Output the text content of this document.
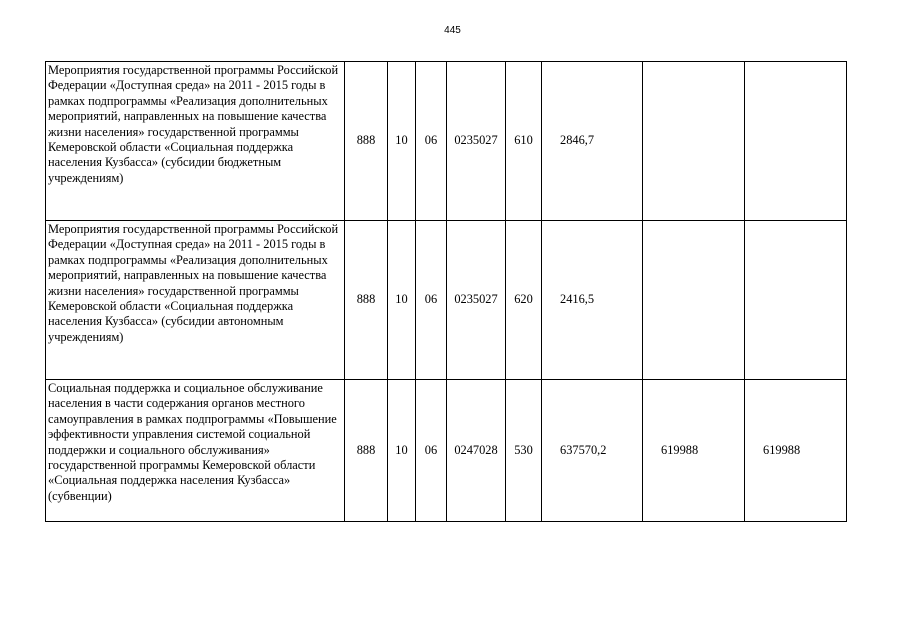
445
Мероприятия государственной программы Российской Федерации «Доступная среда» на 2011 - 2015 годы в рамках подпрограммы «Реализация дополнительных мероприятий, направленных на повышение качества жизни населения» государственной программы Кемеровской области «Социальная поддержка населения Кузбасса» (субсидии бюджетным учреждениям)	888	10	06	0235027	610	2846,7		
Мероприятия государственной программы Российской Федерации «Доступная среда» на 2011 - 2015 годы в рамках подпрограммы «Реализация дополнительных мероприятий, направленных на повышение качества жизни населения» государственной программы Кемеровской области «Социальная поддержка населения Кузбасса» (субсидии автономным учреждениям)	888	10	06	0235027	620	2416,5		
Социальная поддержка и социальное обслуживание населения в части содержания органов местного самоуправления в рамках подпрограммы «Повышение эффективности управления системой социальной поддержки и социального обслуживания» государственной программы Кемеровской области «Социальная поддержка населения Кузбасса» (субвенции)	888	10	06	0247028	530	637570,2	619988	619988
